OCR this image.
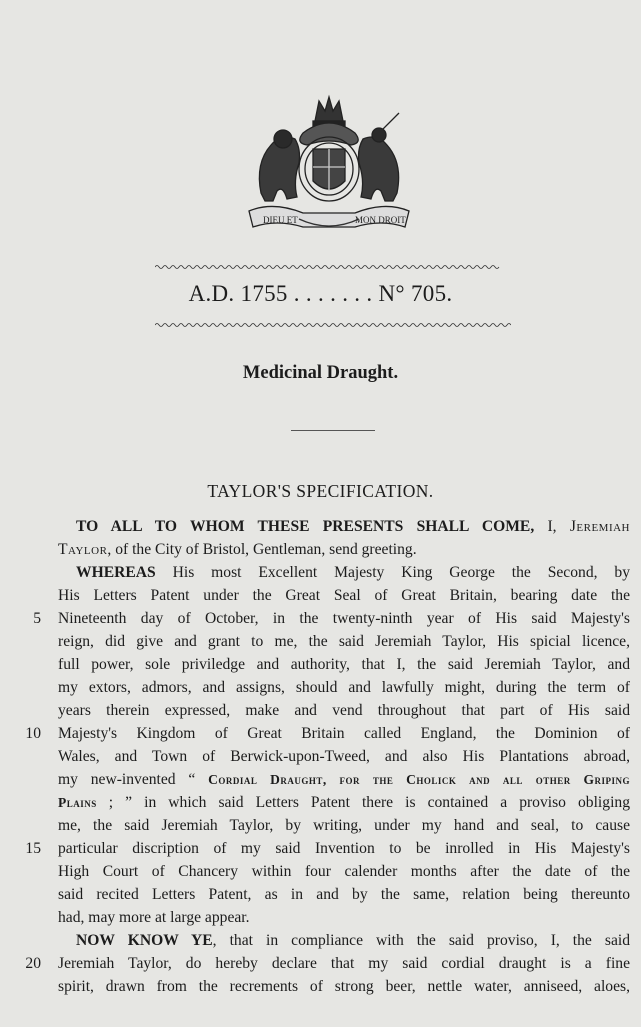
DIEU ET	MON DROIT
A.D. 1755 . . . . . . . N° 705.
Medicinal Draught.
TAYLOR'S SPECIFICATION.
TO ALL TO WHOM THESE PRESENTS SHALL COME, I, Jeremiah
Taylor, of the City of Bristol, Gentleman, send greeting.
WHEREAS His most Excellent Majesty King George the Second, by
His Letters Patent under the Great Seal of Great Britain, bearing date the
5 Nineteenth day of October, in the twenty-ninth year of His said Majesty's
reign, did give and grant to me, the said Jeremiah Taylor, His spicial licence,
full power, sole priviledge and authority, that I, the said Jeremiah Taylor, and
my extors, admors, and assigns, should and lawfully might, during the term of
years therein expressed, make and vend throughout that part of His said
10 Majesty's Kingdom of Great Britain called England, the Dominion of
Wales, and Town of Berwick-upon-Tweed, and also His Plantations abroad,
my new-invented “ Cordial Draught, for the Cholick and all other Griping
Plains ; ” in which said Letters Patent there is contained a proviso obliging
me, the said Jeremiah Taylor, by writing, under my hand and seal, to cause
15 particular discription of my said Invention to be inrolled in His Majesty's
High Court of Chancery within four calender months after the date of the
said recited Letters Patent, as in and by the same, relation being thereunto
had, may more at large appear.
NOW KNOW YE, that in compliance with the said proviso, I, the said
20 Jeremiah Taylor, do hereby declare that my said cordial draught is a fine
spirit, drawn from the recrements of strong beer, nettle water, anniseed, aloes,
